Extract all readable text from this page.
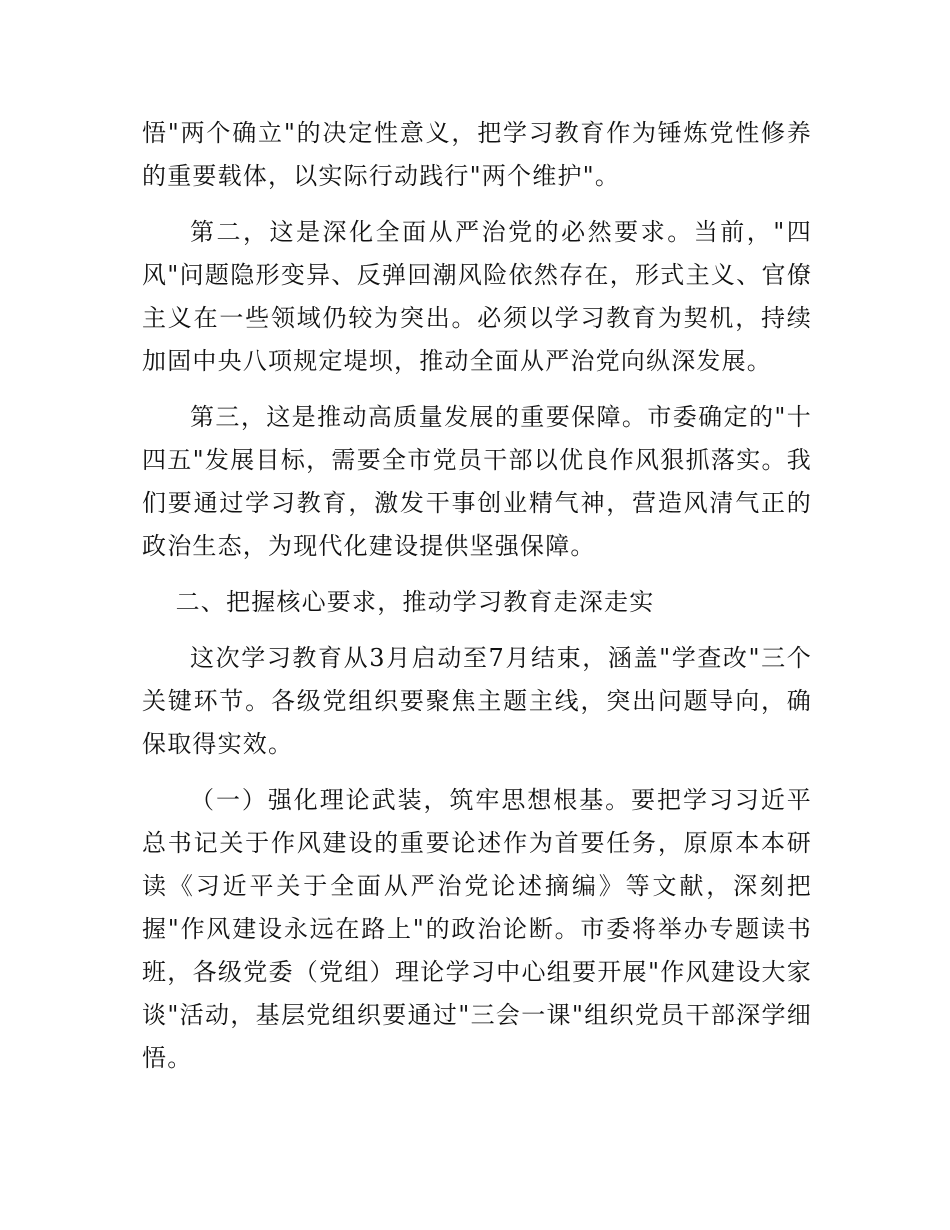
悟"两个确立"的决定性意义，把学习教育作为锤炼党性修养的重要载体，以实际行动践行"两个维护"。

第二，这是深化全面从严治党的必然要求。当前，"四风"问题隐形变异、反弹回潮风险依然存在，形式主义、官僚主义在一些领域仍较为突出。必须以学习教育为契机，持续加固中央八项规定堤坝，推动全面从严治党向纵深发展。

第三，这是推动高质量发展的重要保障。市委确定的"十四五"发展目标，需要全市党员干部以优良作风狠抓落实。我们要通过学习教育，激发干事创业精气神，营造风清气正的政治生态，为现代化建设提供坚强保障。

二、把握核心要求，推动学习教育走深走实

这次学习教育从3月启动至7月结束，涵盖"学查改"三个关键环节。各级党组织要聚焦主题主线，突出问题导向，确保取得实效。

（一）强化理论武装，筑牢思想根基。要把学习习近平总书记关于作风建设的重要论述作为首要任务，原原本本研读《习近平关于全面从严治党论述摘编》等文献，深刻把握"作风建设永远在路上"的政治论断。市委将举办专题读书班，各级党委（党组）理论学习中心组要开展"作风建设大家谈"活动，基层党组织要通过"三会一课"组织党员干部深学细悟。
